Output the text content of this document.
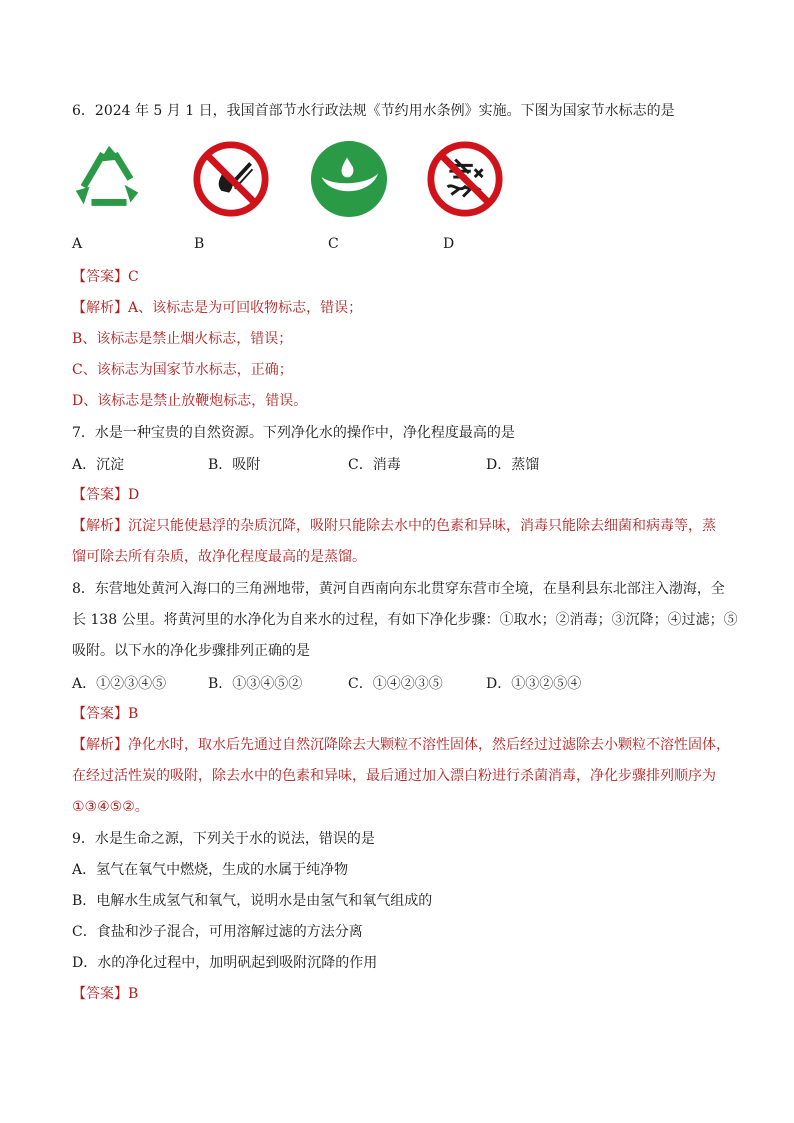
6．2024 年 5 月 1 日，我国首部节水行政法规《节约用水条例》实施。下图为国家节水标志的是
A	B	C	D
【答案】C
【解析】A、该标志是为可回收物标志，错误；
B、该标志是禁止烟火标志，错误；
C、该标志为国家节水标志，正确；
D、该标志是禁止放鞭炮标志，错误。
7．水是一种宝贵的自然资源。下列净化水的操作中，净化程度最高的是
A．沉淀	B．吸附	C．消毒	D．蒸馏
【答案】D
【解析】沉淀只能使悬浮的杂质沉降，吸附只能除去水中的色素和异味，消毒只能除去细菌和病毒等，蒸
馏可除去所有杂质，故净化程度最高的是蒸馏。
8．东营地处黄河入海口的三角洲地带，黄河自西南向东北贯穿东营市全境，在垦利县东北部注入渤海，全
长 138 公里。将黄河里的水净化为自来水的过程，有如下净化步骤：①取水；②消毒；③沉降；④过滤；⑤
吸附。以下水的净化步骤排列正确的是
A．①②③④⑤	B．①③④⑤②	C．①④②③⑤	D．①③②⑤④
【答案】B
【解析】净化水时，取水后先通过自然沉降除去大颗粒不溶性固体，然后经过过滤除去小颗粒不溶性固体，
在经过活性炭的吸附，除去水中的色素和异味，最后通过加入漂白粉进行杀菌消毒，净化步骤排列顺序为
①③④⑤②。
9．水是生命之源，下列关于水的说法，错误的是
A．氢气在氧气中燃烧，生成的水属于纯净物
B．电解水生成氢气和氧气，说明水是由氢气和氧气组成的
C．食盐和沙子混合，可用溶解过滤的方法分离
D．水的净化过程中，加明矾起到吸附沉降的作用
【答案】B
